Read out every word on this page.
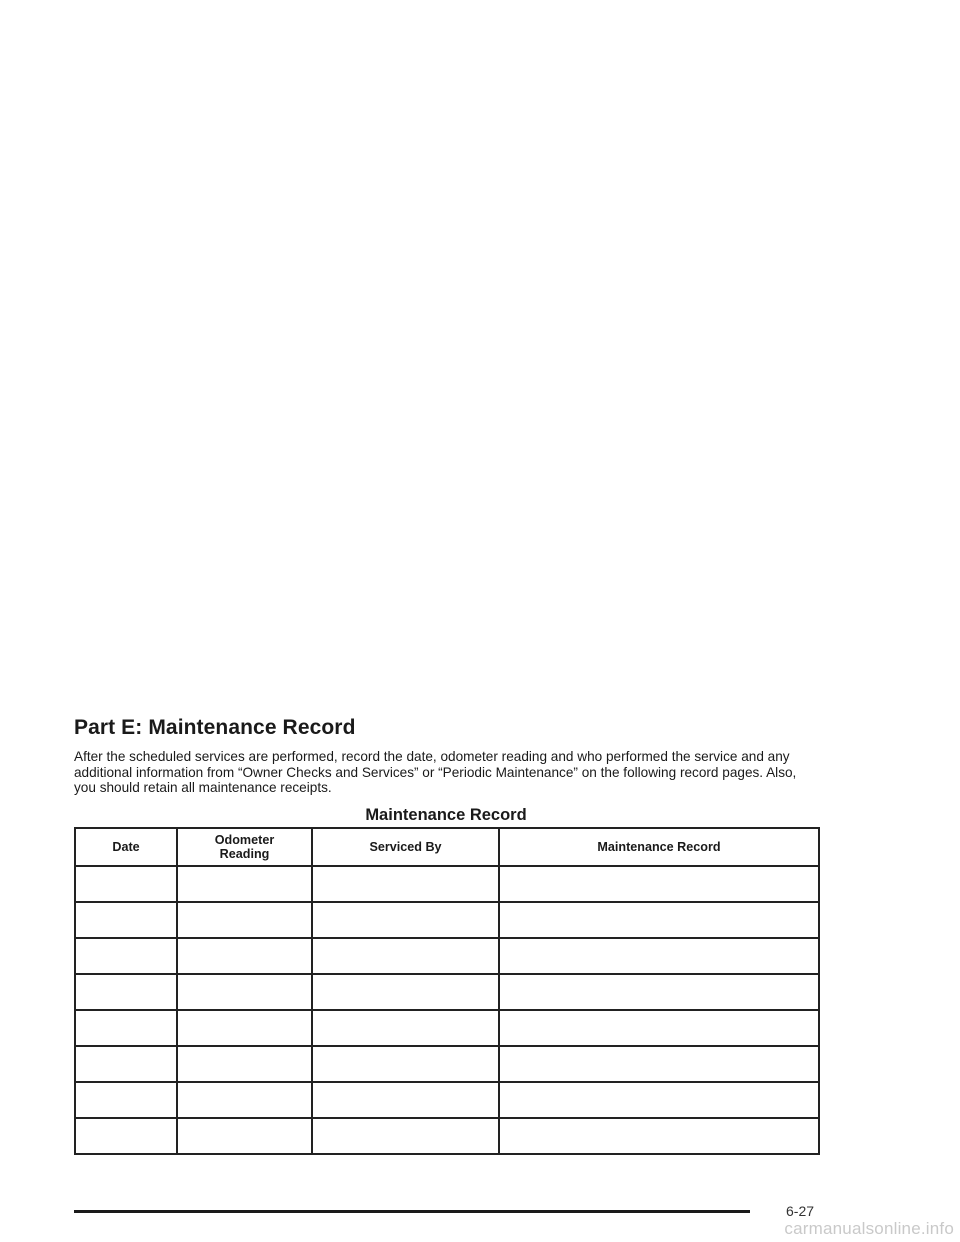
Part E: Maintenance Record

After the scheduled services are performed, record the date, odometer reading and who performed the service and any additional information from “Owner Checks and Services” or “Periodic Maintenance” on the following record pages. Also, you should retain all maintenance receipts.

Maintenance Record
Date	Odometer Reading	Serviced By	Maintenance Record

6-27
carmanualsonline.info
